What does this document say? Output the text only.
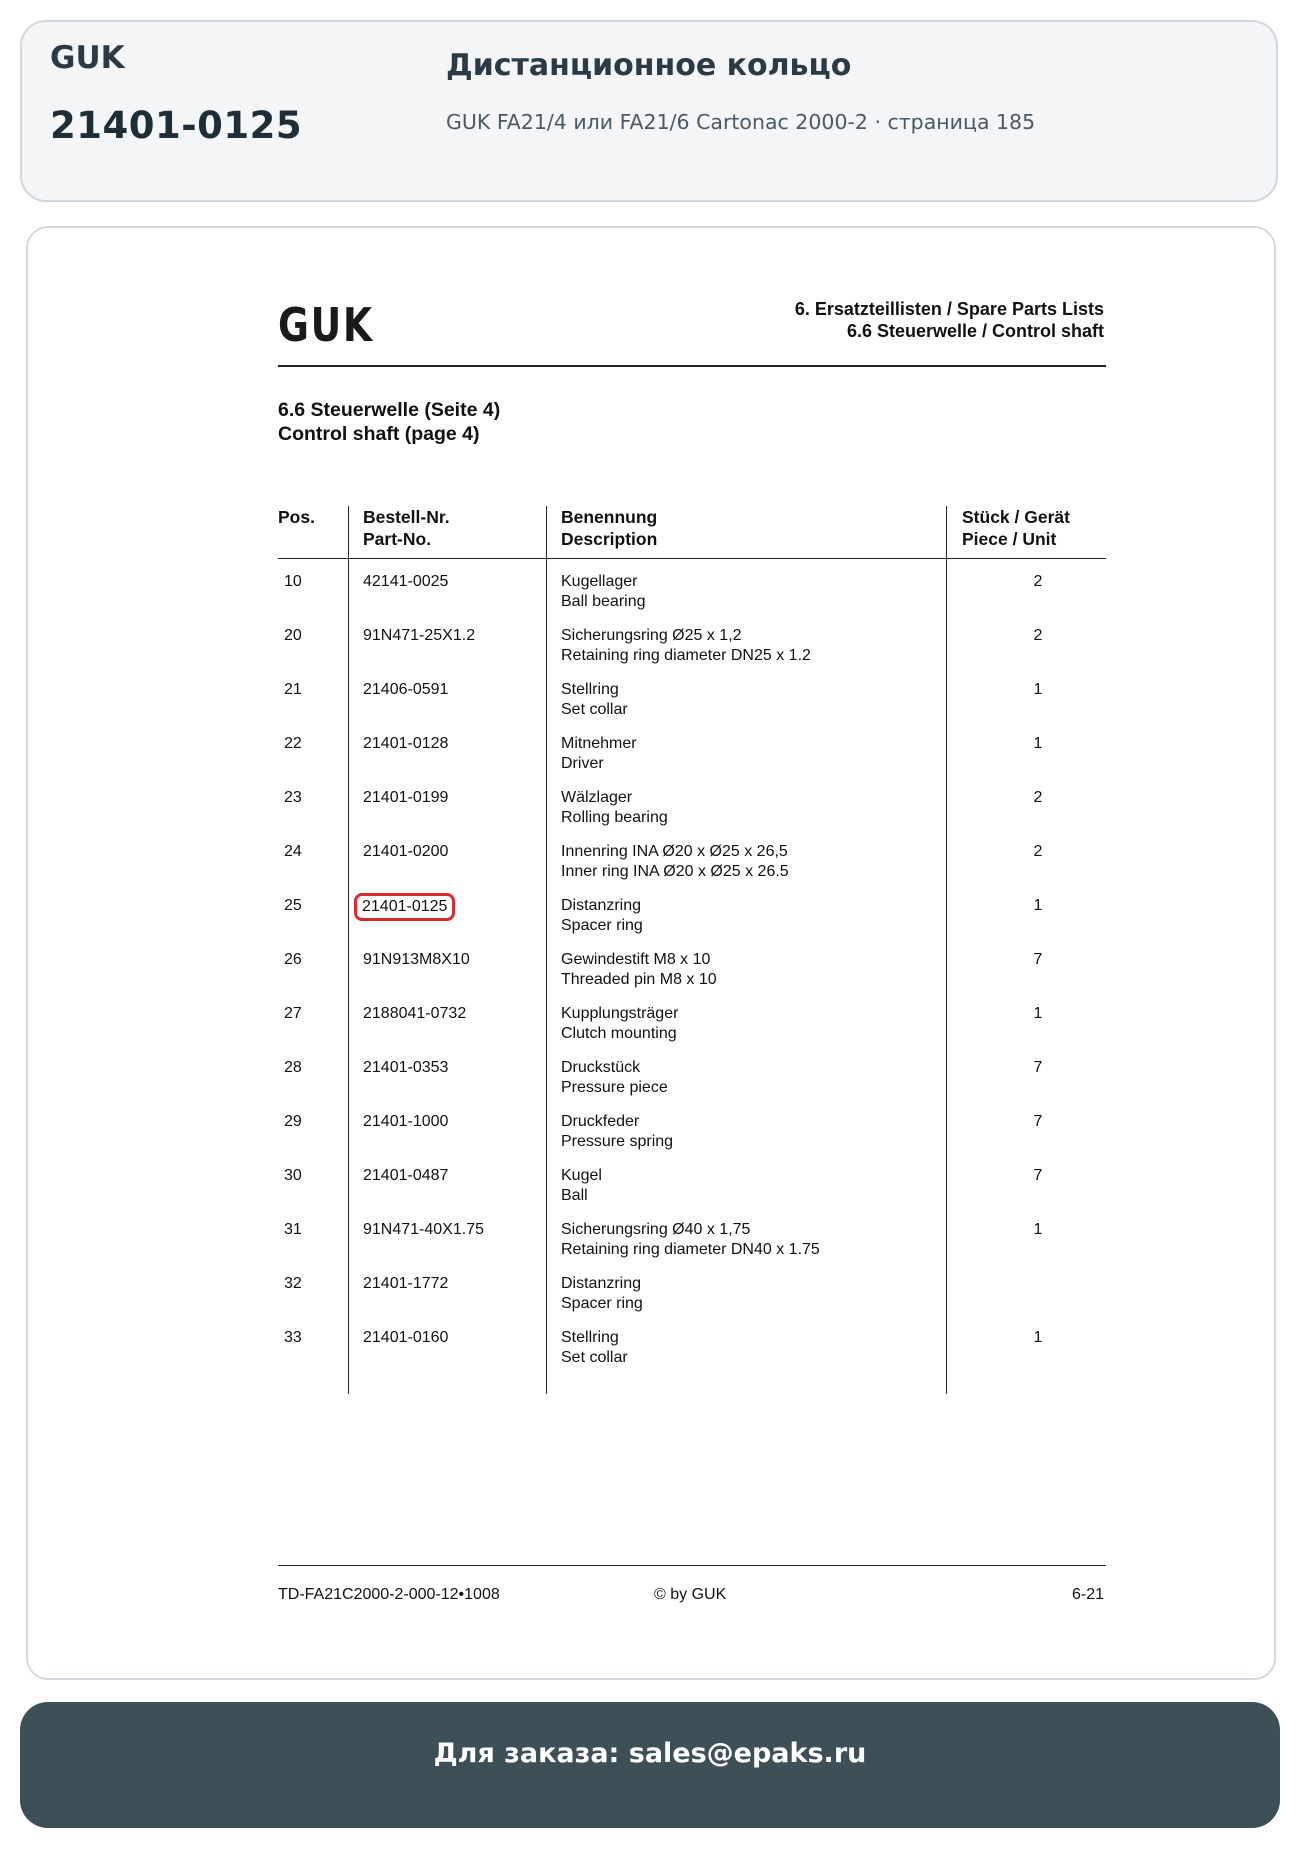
GUK
21401-0125
Дистанционное кольцо
GUK FA21/4 или FA21/6 Cartonac 2000-2 · страница 185
GUK	6. Ersatzteillisten / Spare Parts Lists
6.6 Steuerwelle / Control shaft
6.6 Steuerwelle (Seite 4)
Control shaft (page 4)
Pos.	Bestell-Nr.
Part-No.
Benennung
Description
Stück / Gerät
Piece / Unit
10	42141-0025	Kugellager
Ball bearing
2
20	91N471-25X1.2	Sicherungsring Ø25 x 1,2
Retaining ring diameter DN25 x 1.2
2
21	21406-0591	Stellring
Set collar
1
22	21401-0128	Mitnehmer
Driver
1
23	21401-0199	Wälzlager
Rolling bearing
2
24	21401-0200	Innenring INA Ø20 x Ø25 x 26,5
Inner ring INA Ø20 x Ø25 x 26.5
2
25	21401-0125	Distanzring
Spacer ring
1
26	91N913M8X10	Gewindestift M8 x 10
Threaded pin M8 x 10
7
27	2188041-0732	Kupplungsträger
Clutch mounting
1
28	21401-0353	Druckstück
Pressure piece
7
29	21401-1000	Druckfeder
Pressure spring
7
30	21401-0487	Kugel
Ball
7
31	91N471-40X1.75	Sicherungsring Ø40 x 1,75
Retaining ring diameter DN40 x 1.75
1
32	21401-1772	Distanzring
Spacer ring
33	21401-0160	Stellring
Set collar
1
TD-FA21C2000-2-000-12•1008	© by GUK	6-21
Для заказа: sales@epaks.ru
